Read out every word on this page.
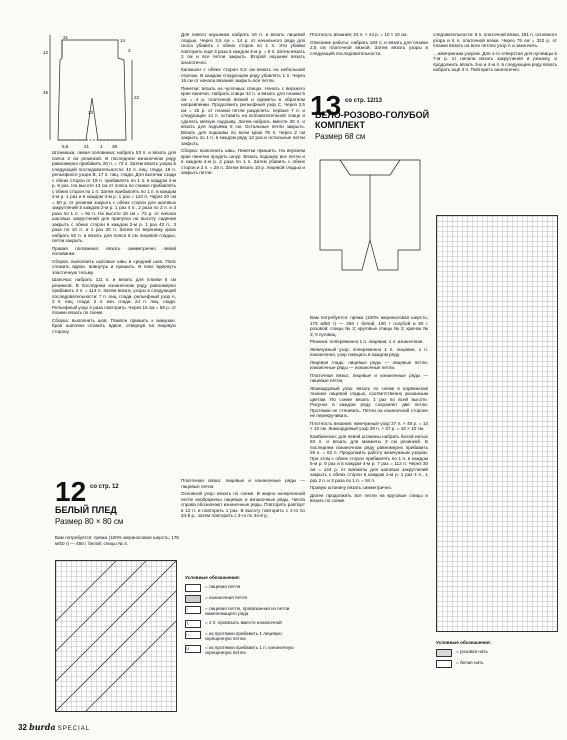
31
12
14
3
46
22
13
5,5	21 1 38

Штанишки, левая половинка: набрать 53 п. и вязать для пояса 3 см резинкой. В последнем изнаночном ряду равномерно прибавить 20 п. = 73 п. Затем вязать узоры в следующей последовательности: 42 п. лиц. глади, 19 п. рельефного узора В, 17 п. лиц. глади. Для вытачки сзади с обеих сторон от 19 п. прибавлять по 1 п. в каждом 4-м р. 9 раз. На высоте 13 см от пояса по спинке прибавлять с обеих сторон по 1 п. Затем прибавлять по 1 п. в каждом 2-м р. 1 раз и в каждом 4-м р. 1 раз = 110 п. Через 20 см = 80 р. от резинки закрыть с обеих сторон для шаговых закруглений в каждом 2-м р. 1 раз 4 п., 2 раза по 2 п. и 3 раза по 1 п. = 92 п. На высоте 18 см = 72 р. от начала шаговых закруглений для припуска на высоту сидения закрыть с обеих сторон в каждом 2-м р. 1 раз 42 п., 3 раза по 10 п. и 1 раз 20 п. Затем по верхнему краю набрать 82 п. и вязать для пояса 6 см лицевой гладью, петли закрыть.

Правая половинка: вязать симметрично левой половинке.

Сборка: выполнить шаговые швы и средний шов. Пояс сложить вдвое, вовнутрь и пришить. В пояс вдёрнуть эластичную тесьму.

Шапочка: набрать 111 п. и вязать для планки 5 см резинкой. В последнем изнаночном ряду равномерно прибавить 3 п. = 114 п. Затем вязать узоры в следующей последовательности: 7 п. лиц. глади, рельефный узор А, 2 п. лиц. глади, 2 п. изн. глади, 24 п. лиц. глади. Рельефный узор 4 раза повторить. Через 15 см = 58 р. от планки вязать по схеме.

Сборка: выполнить шов. Помпон пришить к макушке. Края шапочки сложить вдвое, отвернув на лицевую сторону.

Для левого наушника набрать 16 п. и вязать лицевой гладью. Через 3,5 см = 14 р. от начального ряда для скоса убавить с обеих сторон по 1 п. Эти убавки повторить ещё 3 раза в каждом 4-м р. = 8 п. Затем вязать 2 см и все петли закрыть. Второй наушник вязать аналогично.

Капюшон с обеих сторон 6,5 см вязать на небольшой отрезок. В каждом следующем ряду убавлять 1 п. Через 16 см от начала вязания закрыть все петли.

Пинетки: вязать на чулочных спицах. Начать с верхнего края пинетки. Набрать спицы 42 п. и вязать для планки 5 см = 4 р. платочной вязкой и приметы в обратном направлении. Продолжить рельефный узор С. Через 3,5 см = 16 р. от планки петли разделить: первые 7 п. и следующие 14 п. оставить на вспомогательной спице и сделать мягкую подошву. Затем набрать вместе 28 п. и вязать для подъёма 5 см. Остальные петли закрыть. Вязать для подошвы по всем краю 76 п. Через 2 см закрыть по 1 п. в каждом ряду 12 раз и остальные петли закрыть.

Сборка: выполнить швы. Пинетки пришить. На верхнем крае пинетки продеть шнур. Вязать подошву все петли и в каждом 4-м р. 2 раза по 1 п. Затем убавить с обеих сторон и 2 п. = 25 п. Затем вязать 10 р. лицевой гладью и закрыть петли.

Плотность вязания: 24 п. × 44 р. = 10 × 10 см.

Описание работы: набрать 183 п. и вязать для планки 2,5 см платочной вязкой. Затем вязать узоры в следующей последовательности.

13 со стр. 12/13
БЕЛО-РОЗОВО-ГОЛУБОЙ
КОМПЛЕКТ
Размер 68 см

следовательности: 6 п. платочной вязки, 181 п. основного узора и 6 п. платочной вязки. Через 75 см = 322 р. от планки вязать на всех петлях узор А и закончить.

…жемчужным узором. Для 1-го отверстия для пуговицы в 7-м р. от начала вязать закругления и резинку, и продолжить вязать 3-ю и 4-ю п. в следующем ряду вязать набрать ещё 3 п. Повторить аналогично.

Вам потребуется: пряжа (100% мериносовая шерсть; 175 м/50 г) — 250 г белой, 100 г голубой и 50 г розовой; спицы № 3; круговые спицы № 3; крючок № 3; 9 пуговиц.

Резинка: попеременно 1 п. лицевая, 1 п. изнаночная.

Жемчужный узор: попеременно 1 п. лицевая, 1 п. изнаночная, узор смещать в каждом ряду.

Лицевая гладь: лицевые ряды — лицевые петли, изнаночные ряды — изнаночные петли.

Платочная вязка: лицевые и изнаночные ряды — лицевые петли.

Жаккардовый узор: вязать по схеме в норвежской технике лицевой гладью, соответственно указанным цветам. По схеме вязать 1 раз по всей высоте. Рисунок в каждом ряду сохраняет две петли. Протяжки не стягивать. Петли на изнаночной стороне не перекручивать.

Плотность вязания: жемчужный узор 27 п. × 48 р. = 10 × 10 см. Жаккардовый узор 28 п. × 37 р. = 10 × 10 см.

Комбинезон: для левой штанины набрать белой нитью 53 п. и вязать для манжеты 3 см резинкой. В последнем изнаночном ряду равномерно прибавить 29 п. = 82 п. Продолжить работу жемчужным узором. При этом с обеих сторон прибавлять по 1 п. в каждом 6-м р. 8 раз и в каждом 4-м р. 7 раз = 112 п. Через 30 см = 144 р. от манжеты для шаговых закруглений закрыть с обеих сторон в каждом 2-м р. 1 раз 4 п., 1 раз 2 п. и 3 раза по 1 п. = 94 п.

Правую штанину вязать симметрично.

Далее продолжить все петли на круговые спицы и вязать по схеме.

Условные обозначения:
= розовая нить
= белая нить
12 со стр. 12
БЕЛЫЙ ПЛЕД
Размер 80 × 80 см

Вам потребуется: пряжа (100% мериносовая шерсть; 175 м/50 г) — 450 г белой; спицы № 4.

Платочная вязка: лицевые и изнаночные ряды — лицевые петли.

Основной узор: вязать по схеме. В жирно начерченной петле изображены лицевые и изнаночные ряды. Числа справа обозначают изнаночные ряды. Повторять раппорт в 12 п. и повторить 1 раз. В высоту повторить с 1-го по 34-й р., затем повторить с 3-го по 34-й р.

Условные обозначения:
= лицевая петля
= изнаночная петля
↑	= лицевая петля, провязанная из петли нижележащего ряда
∖	= 2 п. провязать вместе изнаночной
∩	= из протяжки прибавить 1 лицевую скрещенную петлю
∪	= из протяжки прибавить 1 п. изнаночную скрещенную петлю
32 burda SPECIAL
